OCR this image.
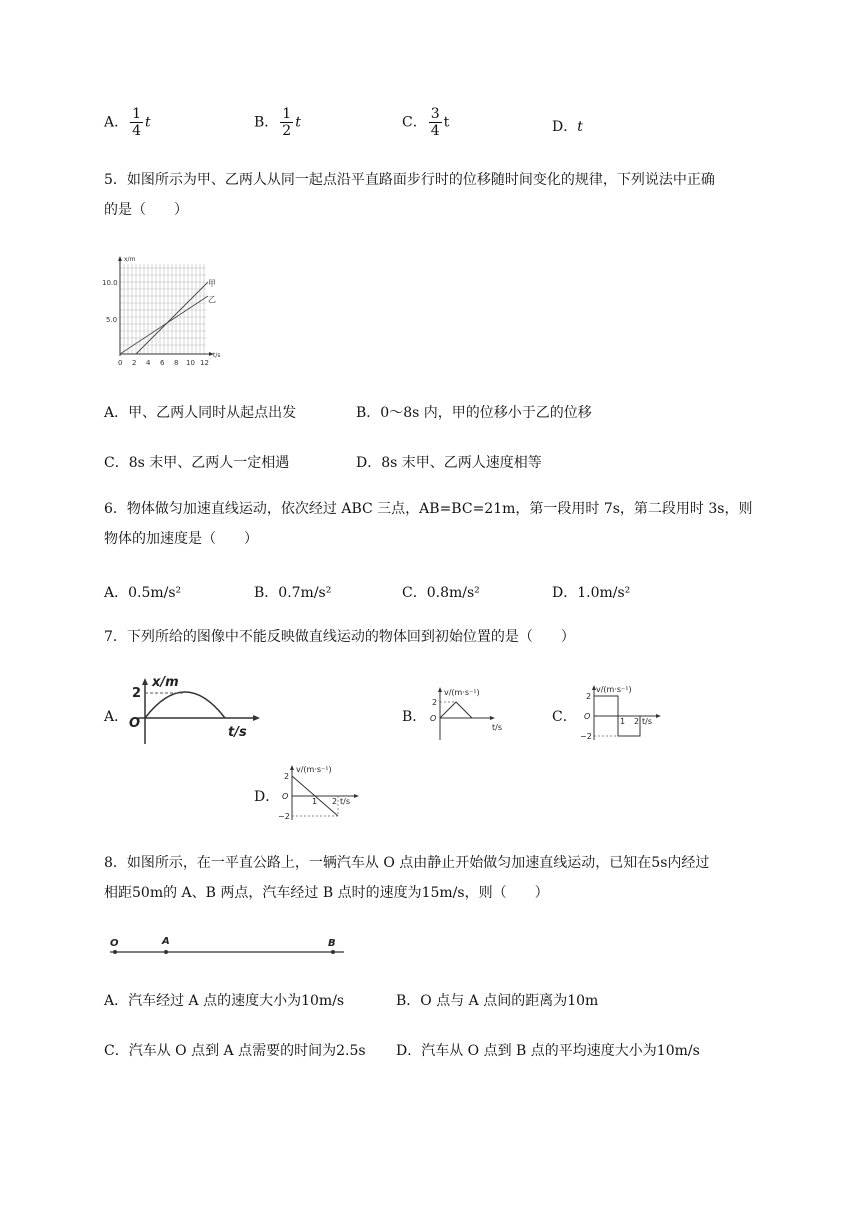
A． $\frac{1}{4}$ t	B． $\frac{1}{2}$ t	C． $\frac{3}{4}$ t	D．t
5．如图所示为甲、乙两人从同一起点沿平直路面步行时的位移随时间变化的规律，下列说法中正确
的是（　　）
x/m
t/s
10.0
5.0
0 2 4 6 8 10 12
甲
乙
A．甲、乙两人同时从起点出发	B．0～8s 内，甲的位移小于乙的位移
C．8s 末甲、乙两人一定相遇	D．8s 末甲、乙两人速度相等
6．物体做匀加速直线运动，依次经过 ABC 三点，AB=BC=21m，第一段用时 7s，第二段用时 3s，则
物体的加速度是（　　）
A．0.5m/s²	B．0.7m/s²	C．0.8m/s²	D．1.0m/s²
7．下列所给的图像中不能反映做直线运动的物体回到初始位置的是（　　）
A．
x/m
2
O
t/s
B．
v/(m·s⁻¹)
2
O
t/s
C．
v/(m·s⁻¹)
2
O
−2
1 2 t/s
D．
v/(m·s⁻¹)
2
O
−2
1 2 t/s
8．如图所示，在一平直公路上，一辆汽车从 O 点由静止开始做匀加速直线运动，已知在5s内经过
相距50m的 A、B 两点，汽车经过 B 点时的速度为15m/s，则（　　）
O	A	B
A．汽车经过 A 点的速度大小为10m/s	B．O 点与 A 点间的距离为10m
C．汽车从 O 点到 A 点需要的时间为2.5s D．汽车从 O 点到 B 点的平均速度大小为10m/s
